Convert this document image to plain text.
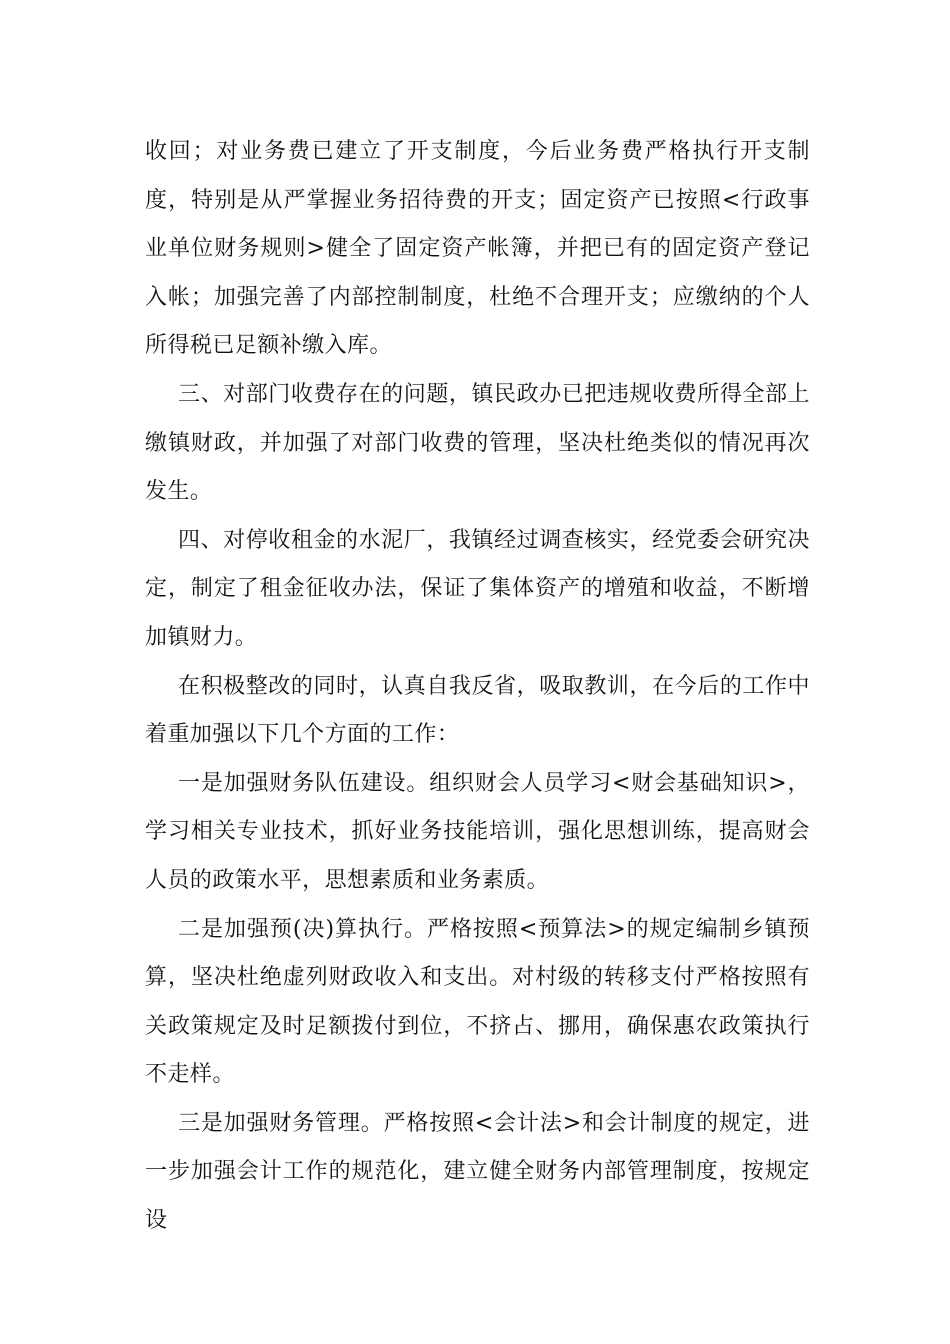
收回；对业务费已建立了开支制度，今后业务费严格执行开支制度，特别是从严掌握业务招待费的开支；固定资产已按照<行政事业单位财务规则>健全了固定资产帐簿，并把已有的固定资产登记入帐；加强完善了内部控制制度，杜绝不合理开支；应缴纳的个人所得税已足额补缴入库。

三、对部门收费存在的问题，镇民政办已把违规收费所得全部上缴镇财政，并加强了对部门收费的管理，坚决杜绝类似的情况再次发生。

四、对停收租金的水泥厂，我镇经过调查核实，经党委会研究决定，制定了租金征收办法，保证了集体资产的增殖和收益，不断增加镇财力。

在积极整改的同时，认真自我反省，吸取教训，在今后的工作中着重加强以下几个方面的工作：

一是加强财务队伍建设。组织财会人员学习<财会基础知识>，学习相关专业技术，抓好业务技能培训，强化思想训练，提高财会人员的政策水平，思想素质和业务素质。

二是加强预(决)算执行。严格按照<预算法>的规定编制乡镇预算，坚决杜绝虚列财政收入和支出。对村级的转移支付严格按照有关政策规定及时足额拨付到位，不挤占、挪用，确保惠农政策执行不走样。

三是加强财务管理。严格按照<会计法>和会计制度的规定，进一步加强会计工作的规范化，建立健全财务内部管理制度，按规定设
